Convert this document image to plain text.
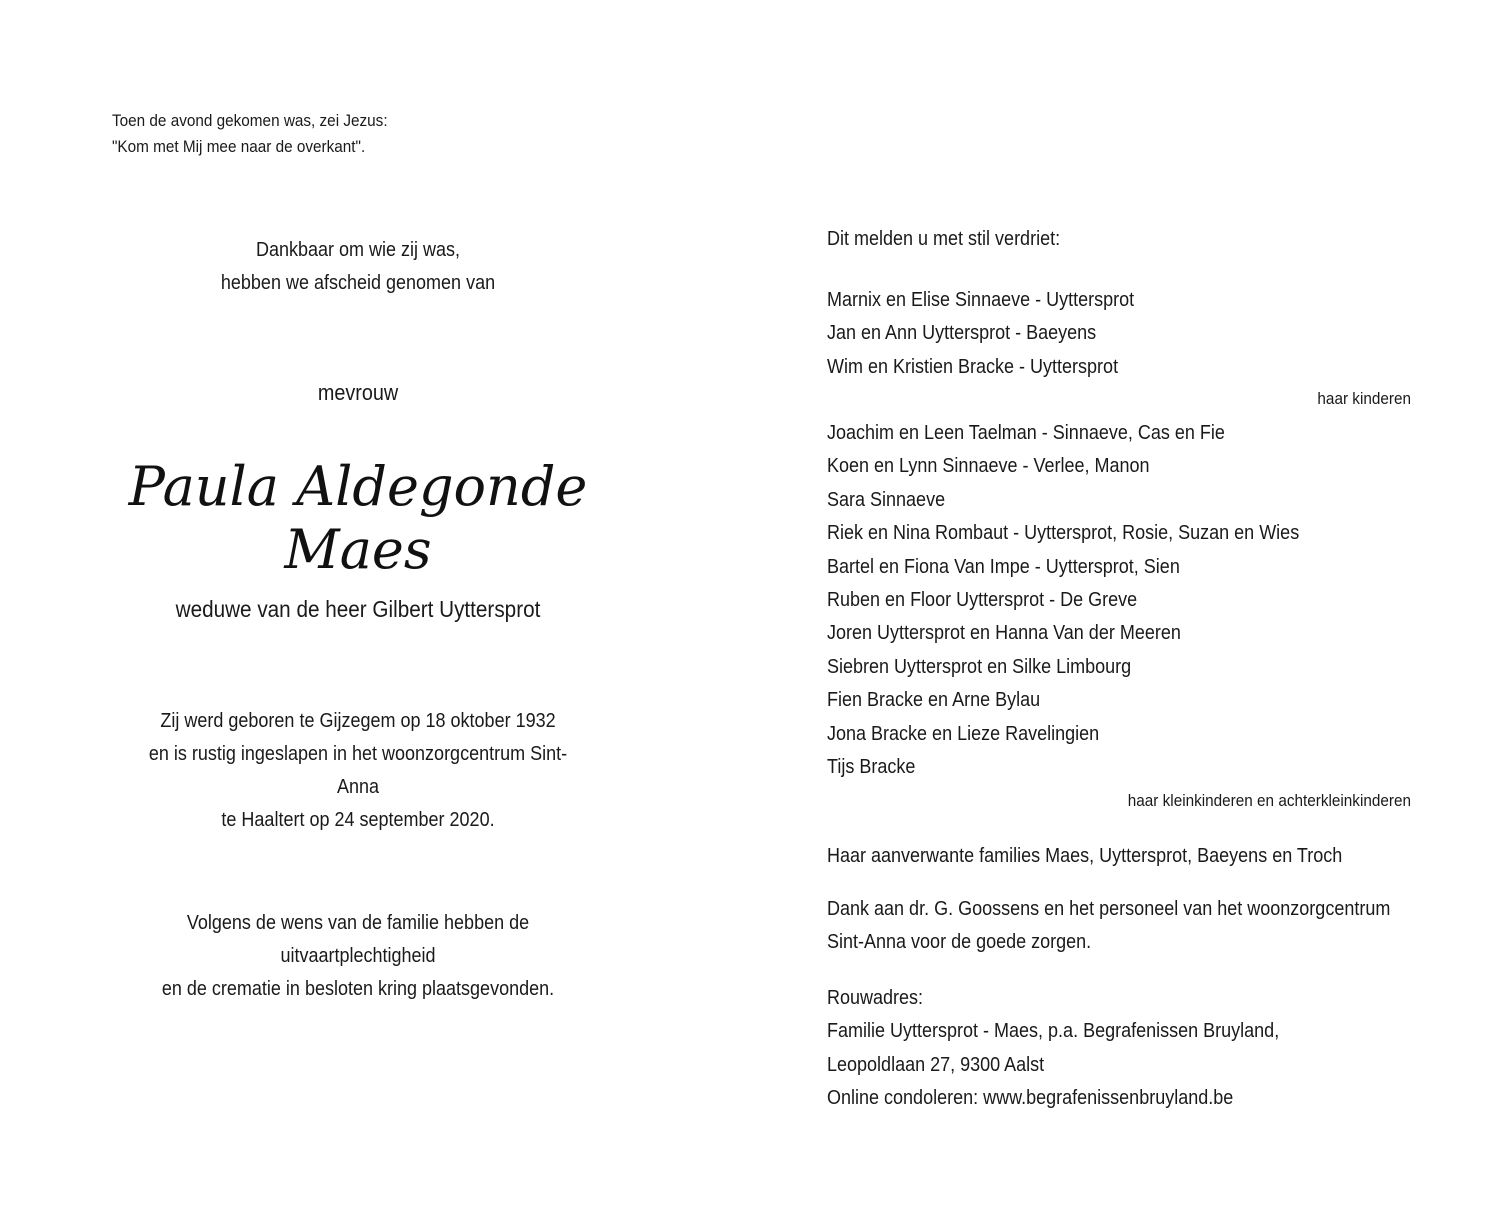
Toen de avond gekomen was, zei Jezus:
"Kom met Mij mee naar de overkant".
Dankbaar om wie zij was,
hebben we afscheid genomen van
mevrouw
Paula Aldegonde Maes
weduwe van de heer Gilbert Uyttersprot
Zij werd geboren te Gijzegem op 18 oktober 1932
en is rustig ingeslapen in het woonzorgcentrum Sint-Anna
te Haaltert op 24 september 2020.
Volgens de wens van de familie hebben de uitvaartplechtigheid
en de crematie in besloten kring plaatsgevonden.
Dit melden u met stil verdriet:
Marnix en Elise Sinnaeve - Uyttersprot
Jan en Ann Uyttersprot - Baeyens
Wim en Kristien Bracke - Uyttersprot
haar kinderen
Joachim en Leen Taelman - Sinnaeve, Cas en Fie
Koen en Lynn Sinnaeve - Verlee, Manon
Sara Sinnaeve
Riek en Nina Rombaut - Uyttersprot, Rosie, Suzan en Wies
Bartel en Fiona Van Impe - Uyttersprot, Sien
Ruben en Floor Uyttersprot - De Greve
Joren Uyttersprot en Hanna Van der Meeren
Siebren Uyttersprot en Silke Limbourg
Fien Bracke en Arne Bylau
Jona Bracke en Lieze Ravelingien
Tijs Bracke
haar kleinkinderen en achterkleinkinderen
Haar aanverwante families Maes, Uyttersprot, Baeyens en Troch
Dank aan dr. G. Goossens en het personeel van het woonzorgcentrum
Sint-Anna voor de goede zorgen.
Rouwadres:
Familie Uyttersprot - Maes, p.a. Begrafenissen Bruyland,
Leopoldlaan 27, 9300 Aalst
Online condoleren: www.begrafenissenbruyland.be
